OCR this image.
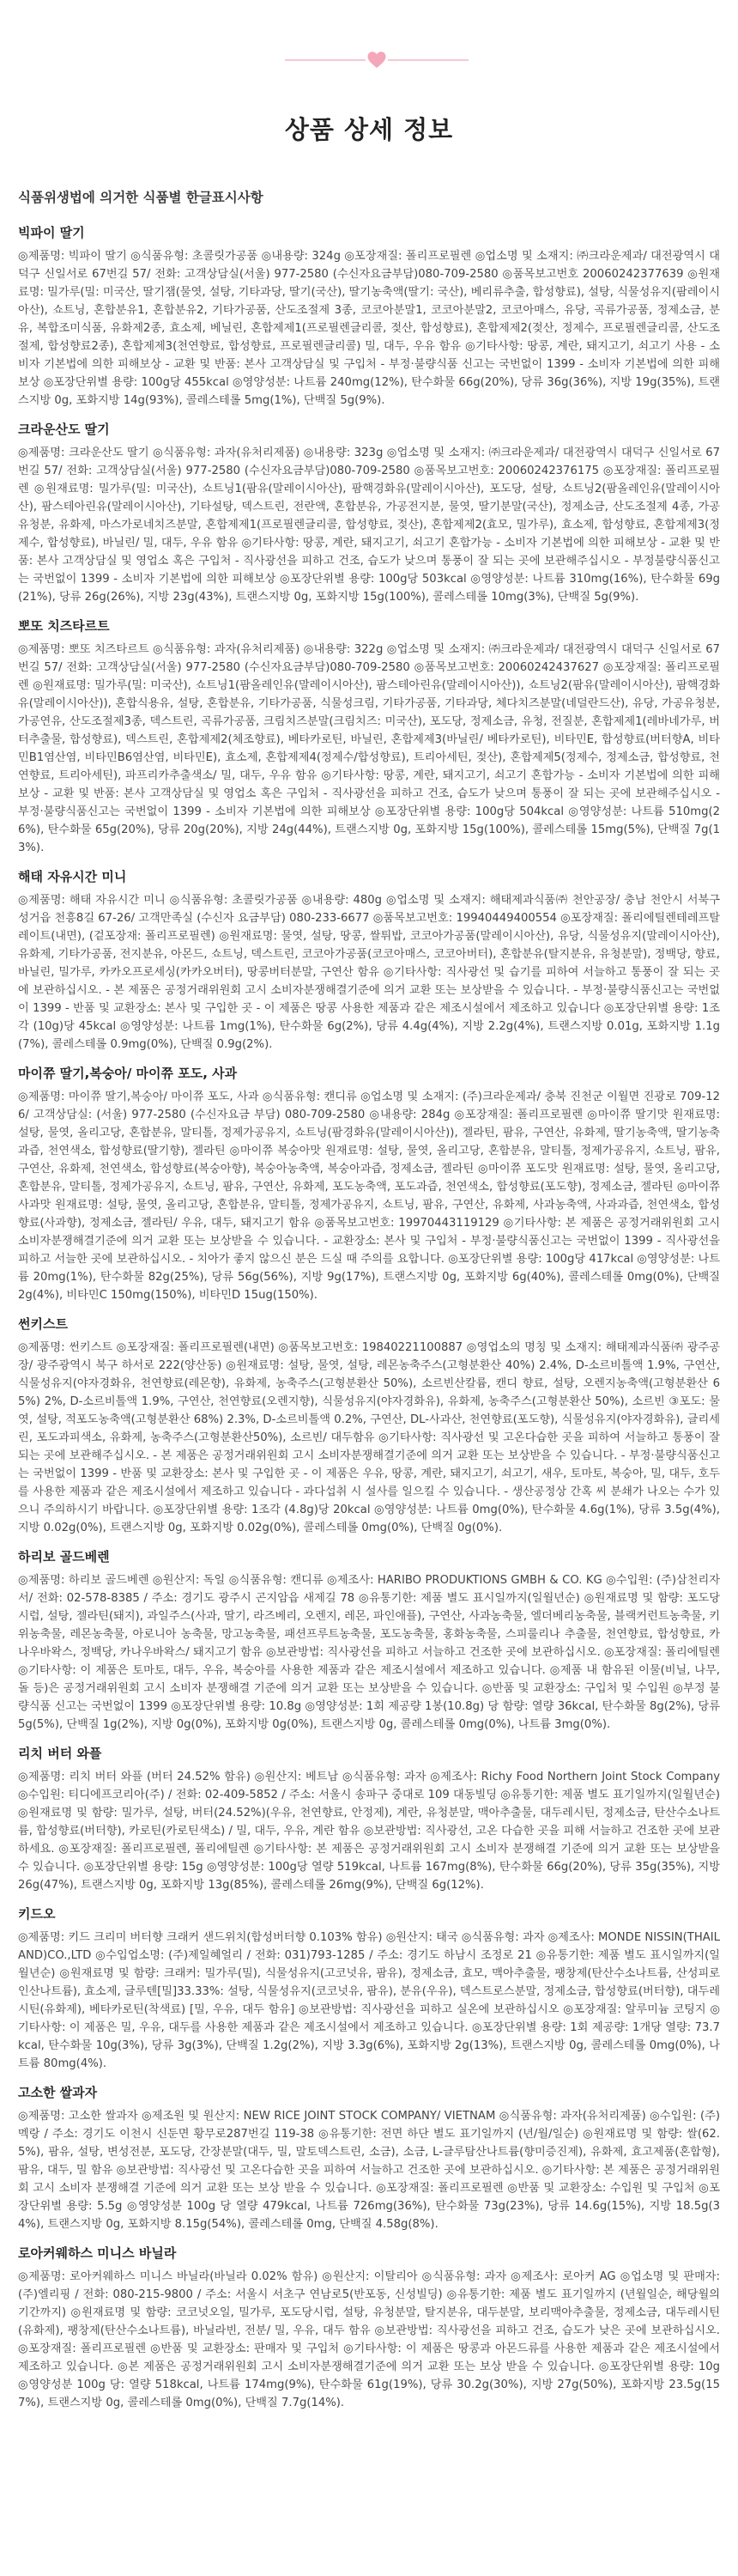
상품 상세 정보
식품위생법에 의거한 식품별 한글표시사항
빅파이 딸기
◎제품명: 빅파이 딸기 ◎식품유형: 초콜릿가공품 ◎내용량: 324g ◎포장재질: 폴리프로필렌 ◎업소명 및 소재지: ㈜크라운제과/ 대전광역시 대덕구 신일서로 67번길 57/ 전화: 고객상담실(서울) 977-2580 (수신자요금부담)080-709-2580 ◎품목보고번호 20060242377639 ◎원재료명: 밀가루(밀: 미국산, 딸기잼(물엿, 설탕, 기타과당, 딸기(국산), 딸기농축액(딸기: 국산), 베리류추출, 합성향료), 설탕, 식물성유지(팜레이시아산), 쇼트닝, 혼합분유1, 혼합분유2, 기타가공품, 산도조절제 3종, 코코아분말1, 코코아분말2, 코코아매스, 유당, 곡류가공품, 정제소금, 분유, 복합조미식품, 유화제2종, 효소제, 베닐린, 혼합제제1(프로필렌글리콜, 젖산, 합성향료), 혼합제제2(젖산, 정제수, 프로필렌글리콜, 산도조절제, 합성향료2종), 혼합제제3(천연향료, 합성향료, 프로필렌글리콜) 밀, 대두, 우유 함유 ◎기타사항: 땅콩, 계란, 돼지고기, 쇠고기 사용 - 소비자 기본법에 의한 피해보상 - 교환 및 반품: 본사 고객상담실 및 구입처 - 부정·불량식품 신고는 국번없이 1399 - 소비자 기본법에 의한 피해보상 ◎포장단위별 용량: 100g당 455kcal ◎영양성분: 나트륨 240mg(12%), 탄수화물 66g(20%), 당류 36g(36%), 지방 19g(35%), 트랜스지방 0g, 포화지방 14g(93%), 콜레스테롤 5mg(1%), 단백질 5g(9%).
크라운산도 딸기
◎제품명: 크라운산도 딸기 ◎식품유형: 과자(유처리제품) ◎내용량: 323g ◎업소명 및 소재지: ㈜크라운제과/ 대전광역시 대덕구 신일서로 67번길 57/ 전화: 고객상담실(서울) 977-2580 (수신자요금부담)080-709-2580 ◎품목보고번호: 20060242376175 ◎포장재질: 폴리프로필렌 ◎원재료명: 밀가루(밀: 미국산), 쇼트닝1(팜유(말레이시아산), 팜핵경화유(말레이시아산), 포도당, 설탕, 쇼트닝2(팜올레인유(말레이시아산), 팜스테아린유(말레이시아산), 기타설탕, 덱스트린, 전란액, 혼합분유, 가공전지분, 물엿, 딸기분말(국산), 정제소금, 산도조절제 4종, 가공유청분, 유화제, 마스가로네치즈분말, 혼합제제1(프로필렌글리콜, 합성향료, 젖산), 혼합제제2(효모, 밀가루), 효소제, 합성향료, 혼합제제3(정제수, 합성향료), 바닐린/ 밀, 대두, 우유 함유 ◎기타사항: 땅콩, 계란, 돼지고기, 쇠고기 혼합가능 - 소비자 기본법에 의한 피해보상 - 교환 및 반품: 본사 고객상담실 및 영업소 혹은 구입처 - 직사광선을 피하고 건조, 습도가 낮으며 통풍이 잘 되는 곳에 보관해주십시오 - 부정불량식품신고는 국번없이 1399 - 소비자 기본법에 의한 피해보상 ◎포장단위별 용량: 100g당 503kcal ◎영양성분: 나트륨 310mg(16%), 탄수화물 69g(21%), 당류 26g(26%), 지방 23g(43%), 트랜스지방 0g, 포화지방 15g(100%), 콜레스테롤 10mg(3%), 단백질 5g(9%).
뽀또 치즈타르트
◎제품명: 뽀또 치즈타르트 ◎식품유형: 과자(유처리제품) ◎내용량: 322g ◎업소명 및 소재지: ㈜크라운제과/ 대전광역시 대덕구 신일서로 67번길 57/ 전화: 고객상담실(서울) 977-2580 (수신자요금부담)080-709-2580 ◎품목보고번호: 20060242437627 ◎포장재질: 폴리프로필렌 ◎원재료명: 밀가루(밀: 미국산), 쇼트닝1(팜올레인유(말레이시아산), 팜스테아린유(말레이시아산)), 쇼트닝2(팜유(말레이시아산), 팜핵경화유(말레이시아산)), 혼합식용유, 설탕, 혼합분유, 기타가공품, 식물성크림, 기타가공품, 기타과당, 체다치즈분말(네덜란드산), 유당, 가공유청분, 가공연유, 산도조절제3종, 덱스트린, 곡류가공품, 크림치즈분말(크림치즈: 미국산), 포도당, 정제소금, 유청, 전질분, 혼합제제1(레바네가루, 버터추출물, 합성향료), 덱스트린, 혼합제제2(체조향료), 베타카로틴, 바닐린, 혼합제제3(바닐린/ 베타카로틴), 비타민E, 합성향료(버터향A, 비타민B1염산염, 비타민B6염산염, 비타민E), 효소제, 혼합제제4(정제수/합성향료), 트리아세틴, 젖산), 혼합제제5(정제수, 정제소금, 합성향료, 천연향료, 트리아세틴), 파프리카추출색소/ 밀, 대두, 우유 함유 ◎기타사항: 땅콩, 계란, 돼지고기, 쇠고기 혼합가능 - 소비자 기본법에 의한 피해보상 - 교환 및 반품: 본사 고객상담실 및 영업소 혹은 구입처 - 직사광선을 피하고 건조, 습도가 낮으며 통풍이 잘 되는 곳에 보관해주십시오 - 부정·불량식품신고는 국번없이 1399 - 소비자 기본법에 의한 피해보상 ◎포장단위별 용량: 100g당 504kcal ◎영양성분: 나트륨 510mg(26%), 탄수화물 65g(20%), 당류 20g(20%), 지방 24g(44%), 트랜스지방 0g, 포화지방 15g(100%), 콜레스테롤 15mg(5%), 단백질 7g(13%).
해태 자유시간 미니
◎제품명: 해태 자유시간 미니 ◎식품유형: 초콜릿가공품 ◎내용량: 480g ◎업소명 및 소재지: 해태제과식품㈜ 천안공장/ 충남 천안시 서북구 성거읍 천흥8길 67-26/ 고객만족실 (수신자 요금부담) 080-233-6677 ◎품목보고번호: 19940449400554 ◎포장재질: 폴리에틸렌테레프탈레이트(내면), (겉포장재: 폴리프로필렌) ◎원재료명: 물엿, 설탕, 땅콩, 쌀튀밥, 코코아가공품(말레이시아산), 유당, 식물성유지(말레이시아산), 유화제, 기타가공품, 전지분유, 아몬드, 쇼트닝, 덱스트린, 코코아가공품(코코아매스, 코코아버터), 혼합분유(탈지분유, 유청분말), 정백당, 향료, 바닐린, 밀가루, 카카오프로세싱(카카오버터), 땅콩버터분말, 구연산 함유 ◎기타사항: 직사광선 및 습기를 피하여 서늘하고 통풍이 잘 되는 곳에 보관하십시오. - 본 제품은 공정거래위원회 고시 소비자분쟁해결기준에 의거 교환 또는 보상받을 수 있습니다. - 부정·불량식품신고는 국번없이 1399 - 반품 및 교환장소: 본사 및 구입한 곳 - 이 제품은 땅콩 사용한 제품과 같은 제조시설에서 제조하고 있습니다 ◎포장단위별 용량: 1조각 (10g)당 45kcal ◎영양성분: 나트륨 1mg(1%), 탄수화물 6g(2%), 당류 4.4g(4%), 지방 2.2g(4%), 트랜스지방 0.01g, 포화지방 1.1g(7%), 콜레스테롤 0.9mg(0%), 단백질 0.9g(2%).
마이쮸 딸기,복숭아/ 마이쮸 포도, 사과
◎제품명: 마이쮸 딸기,복숭아/ 마이쮸 포도, 사과 ◎식품유형: 캔디류 ◎업소명 및 소재지: (주)크라운제과/ 충북 진천군 이월면 진광로 709-126/ 고객상담실: (서울) 977-2580 (수신자요금 부담) 080-709-2580 ◎내용량: 284g ◎포장재질: 폴리프로필렌 ◎마이쮸 딸기맛 원재료명: 설탕, 물엿, 올리고당, 혼합분유, 말티톨, 정제가공유지, 쇼트닝(팜경화유(말레이시아산)), 젤라틴, 팜유, 구연산, 유화제, 딸기농축액, 딸기농축과즙, 천연색소, 합성향료(딸기향), 젤라틴 ◎마이쮸 복숭아맛 원재료명: 설탕, 물엿, 올리고당, 혼합분유, 말티톨, 정제가공유지, 쇼트닝, 팜유, 구연산, 유화제, 천연색소, 합성향료(복숭아향), 복숭아농축액, 복숭아과즙, 정제소금, 젤라틴 ◎마이쮸 포도맛 원재료명: 설탕, 물엿, 올리고당, 혼합분유, 말티톨, 정제가공유지, 쇼트닝, 팜유, 구연산, 유화제, 포도농축액, 포도과즙, 천연색소, 합성향료(포도향), 정제소금, 젤라틴 ◎마이쮸 사과맛 원재료명: 설탕, 물엿, 올리고당, 혼합분유, 말티톨, 정제가공유지, 쇼트닝, 팜유, 구연산, 유화제, 사과농축액, 사과과즙, 천연색소, 합성향료(사과향), 정제소금, 젤라틴/ 우유, 대두, 돼지고기 함유 ◎품목보고번호: 19970443119129 ◎기타사항: 본 제품은 공정거래위원회 고시 소비자분쟁해결기준에 의거 교환 또는 보상받을 수 있습니다. - 교환장소: 본사 및 구입처 - 부정·불량식품신고는 국번없이 1399 - 직사광선을 피하고 서늘한 곳에 보관하십시오. - 치아가 좋지 않으신 분은 드실 때 주의를 요합니다. ◎포장단위별 용량: 100g당 417kcal ◎영양성분: 나트륨 20mg(1%), 탄수화물 82g(25%), 당류 56g(56%), 지방 9g(17%), 트랜스지방 0g, 포화지방 6g(40%), 콜레스테롤 0mg(0%), 단백질 2g(4%), 비타민C 150mg(150%), 비타민D 15ug(150%).
썬키스트
◎제품명: 썬키스트 ◎포장재질: 폴리프로필렌(내면) ◎품목보고번호: 19840221100887 ◎영업소의 명칭 및 소재지: 해태제과식품㈜ 광주공장/ 광주광역시 북구 하서로 222(양산동) ◎원재료명: 설탕, 물엿, 설탕, 레몬농축주스(고형분환산 40%) 2.4%, D-소르비톨액 1.9%, 구연산, 식물성유지(야자경화유, 천연향료(레몬향), 유화제, 농축주스(고형분환산 50%), 소르빈산칼륨, 캔디 향료, 설탕, 오렌지농축액(고형분환산 65%) 2%, D-소르비톨액 1.9%, 구연산, 천연향료(오렌지향), 식물성유지(야자경화유), 유화제, 농축주스(고형분환산 50%), 소르빈 ③포도: 물엿, 설탕, 적포도농축액(고형분환산 68%) 2.3%, D-소르비톨액 0.2%, 구연산, DL-사과산, 천연향료(포도향), 식물성유지(야자경화유), 글리세린, 포도과피색소, 유화제, 농축주스(고형분환산50%), 소르빈/ 대두함유 ◎기타사항: 직사광선 및 고온다습한 곳을 피하여 서늘하고 통풍이 잘 되는 곳에 보관해주십시오. - 본 제품은 공정거래위원회 고시 소비자분쟁해결기준에 의거 교환 또는 보상받을 수 있습니다. - 부정·불량식품신고는 국번없이 1399 - 반품 및 교환장소: 본사 및 구입한 곳 - 이 제품은 우유, 땅콩, 계란, 돼지고기, 쇠고기, 새우, 토마토, 복숭아, 밀, 대두, 호두를 사용한 제품과 같은 제조시설에서 제조하고 있습니다 - 과다섭취 시 설사를 일으킬 수 있습니다. - 생산공정상 간혹 씨 분쇄가 나오는 수가 있으니 주의하시기 바랍니다. ◎포장단위별 용량: 1조각 (4.8g)당 20kcal ◎영양성분: 나트륨 0mg(0%), 탄수화물 4.6g(1%), 당류 3.5g(4%), 지방 0.02g(0%), 트랜스지방 0g, 포화지방 0.02g(0%), 콜레스테롤 0mg(0%), 단백질 0g(0%).
하리보 골드베렌
◎제품명: 하리보 골드베렌 ◎원산지: 독일 ◎식품유형: 캔디류 ◎제조사: HARIBO PRODUKTIONS GMBH & CO. KG ◎수입원: (주)삼천리자서/ 전화: 02-578-8385 / 주소: 경기도 광주시 곤지암읍 새제길 78 ◎유통기한: 제품 별도 표시일까지(일월년순) ◎원재료명 및 함량: 포도당시럽, 설탕, 젤라틴(돼지), 과일주스(사과, 딸기, 라즈베리, 오렌지, 레몬, 파인애플), 구연산, 사과농축물, 엘더베리농축물, 블랙커런트농축물, 키위농축물, 레몬농축물, 아로니아 농축물, 망고농축물, 패션프루트농축물, 포도농축물, 홍화농축물, 스피룰리나 추출물, 천연향료, 합성향료, 카나우바왁스, 정백당, 카나우바왁스/ 돼지고기 함유 ◎보관방법: 직사광선을 피하고 서늘하고 건조한 곳에 보관하십시오. ◎포장재질: 폴리에틸렌 ◎기타사항: 이 제품은 토마토, 대두, 우유, 복숭아를 사용한 제품과 같은 제조시설에서 제조하고 있습니다. ◎제품 내 함유된 이물(비닐, 나무, 돌 등)은 공정거래위원회 고시 소비자 분쟁해결 기준에 의거 교환 또는 보상받을 수 있습니다. ◎반품 및 교환장소: 구입처 및 수입원 ◎부정 불량식품 신고는 국번없이 1399 ◎포장단위별 용량: 10.8g ◎영양성분: 1회 제공량 1봉(10.8g) 당 함량: 열량 36kcal, 탄수화물 8g(2%), 당류 5g(5%), 단백질 1g(2%), 지방 0g(0%), 포화지방 0g(0%), 트랜스지방 0g, 콜레스테롤 0mg(0%), 나트륨 3mg(0%).
리치 버터 와플
◎제품명: 리치 버터 와플 (버터 24.52% 함유) ◎원산지: 베트남 ◎식품유형: 과자 ◎제조사: Richy Food Northern Joint Stock Company ◎수입원: 티디에프코리아(주) / 전화: 02-409-5852 / 주소: 서울시 송파구 중대로 109 대동빌딩 ◎유통기한: 제품 별도 표기일까지(일월년순) ◎원재료명 및 함량: 밀가루, 설탕, 버터(24.52%)(우유, 천연향료, 안정제), 계란, 유청분말, 맥아추출물, 대두레시틴, 정제소금, 탄산수소나트륨, 합성향료(버터향), 카로틴(카로틴색소) / 밀, 대두, 우유, 계란 함유 ◎보관방법: 직사광선, 고온 다습한 곳을 피해 서늘하고 건조한 곳에 보관하세요. ◎포장재질: 폴리프로필렌, 폴리에틸렌 ◎기타사항: 본 제품은 공정거래위원회 고시 소비자 분쟁해결 기준에 의거 교환 또는 보상받을 수 있습니다. ◎포장단위별 용량: 15g ◎영양성분: 100g당 열량 519kcal, 나트륨 167mg(8%), 탄수화물 66g(20%), 당류 35g(35%), 지방 26g(47%), 트랜스지방 0g, 포화지방 13g(85%), 콜레스테롤 26mg(9%), 단백질 6g(12%).
키드오
◎제품명: 키드 크리미 버터향 크래커 샌드위치(합성버터향 0.103% 함유) ◎원산지: 태국 ◎식품유형: 과자 ◎제조사: MONDE NISSIN(THAILAND)CO.,LTD ◎수입업소명: (주)제일혜얼리 / 전화: 031)793-1285 / 주소: 경기도 하남시 조정로 21 ◎유통기한: 제품 별도 표시일까지(일월년순) ◎원재료명 및 함량: 크래커: 밀가루(밀), 식물성유지(고코넛유, 팜유), 정제소금, 효모, 맥아추출물, 팽창제(탄산수소나트륨, 산성피로인산나트륨), 효소제, 글루텐[밀]33.33%: 설탕, 식물성유지(코코넛유, 팜유), 분유(우유), 덱스트로스분말, 정제소금, 합성향료(버터향), 대두레시틴(유화제), 베타카로틴(착색료) [밀, 우유, 대두 함유] ◎보관방법: 직사광선을 피하고 실온에 보관하십시오 ◎포장재질: 알루미늄 코팅지 ◎기타사항: 이 제품은 밀, 우유, 대두를 사용한 제품과 같은 제조시설에서 제조하고 있습니다. ◎포장단위별 용량: 1회 제공량: 1개당 열량: 73.7kcal, 탄수화물 10g(3%), 당류 3g(3%), 단백질 1.2g(2%), 지방 3.3g(6%), 포화지방 2g(13%), 트랜스지방 0g, 콜레스테롤 0mg(0%), 나트륨 80mg(4%).
고소한 쌀과자
◎제품명: 고소한 쌀과자 ◎제조원 및 원산지: NEW RICE JOINT STOCK COMPANY/ VIETNAM ◎식품유형: 과자(유처리제품) ◎수입원: (주)멕랑 / 주소: 경기도 이천시 신둔면 황무로287번길 119-38 ◎유통기한: 전면 하단 별도 표기일까지 (년/월/일순) ◎원재료명 및 함량: 쌀(62.5%), 팜유, 설탕, 변성전분, 포도당, 간장분말(대두, 밀, 말토덱스트린, 소금), 소금, L-글루탐산나트륨(향미증진제), 유화제, 효고제품(혼합형), 팜유, 대두, 밀 함유 ◎보관방법: 직사광선 및 고온다습한 곳을 피하여 서늘하고 건조한 곳에 보관하십시오. ◎기타사항: 본 제품은 공정거래위원회 고시 소비자 분쟁해결 기준에 의거 교환 또는 보상 받을 수 있습니다. ◎포장재질: 폴리프로필렌 ◎반품 및 교환장소: 수입원 및 구입처 ◎포장단위별 용량: 5.5g ◎영양성분 100g 당 열량 479kcal, 나트륨 726mg(36%), 탄수화물 73g(23%), 당류 14.6g(15%), 지방 18.5g(34%), 트랜스지방 0g, 포화지방 8.15g(54%), 콜레스테롤 0mg, 단백질 4.58g(8%).
로아커웨하스 미니스 바닐라
◎제품명: 로아커웨하스 미니스 바닐라(바닐라 0.02% 함유) ◎원산지: 이탈리아 ◎식품유형: 과자 ◎제조사: 로아커 AG ◎업소명 및 판매자: (주)엘리핑 / 전화: 080-215-9800 / 주소: 서울시 서초구 연남로5(반포동, 신성빌딩) ◎유통기한: 제품 별도 표기일까지 (년월일순, 해당월의 기간까지) ◎원재료명 및 함량: 코코넛오일, 밀가루, 포도당시럽, 설탕, 유청분말, 탈지분유, 대두분말, 보리맥아추출물, 정제소금, 대두레시틴(유화제), 팽창제(탄산수소나트륨), 바닐라빈, 전분/ 밀, 우유, 대두 함유 ◎보관방법: 직사광선을 피하고 건조, 습도가 낮은 곳에 보관하십시오. ◎포장재질: 폴리프로필렌 ◎반품 및 교환장소: 판매자 및 구입처 ◎기타사항: 이 제품은 땅콩과 아몬드류를 사용한 제품과 같은 제조시설에서 제조하고 있습니다. ◎본 제품은 공정거래위원회 고시 소비자분쟁해결기준에 의거 교환 또는 보상 받을 수 있습니다. ◎포장단위별 용량: 10g ◎영양성분 100g 당: 열량 518kcal, 나트륨 174mg(9%), 탄수화물 61g(19%), 당류 30.2g(30%), 지방 27g(50%), 포화지방 23.5g(157%), 트랜스지방 0g, 콜레스테롤 0mg(0%), 단백질 7.7g(14%).
